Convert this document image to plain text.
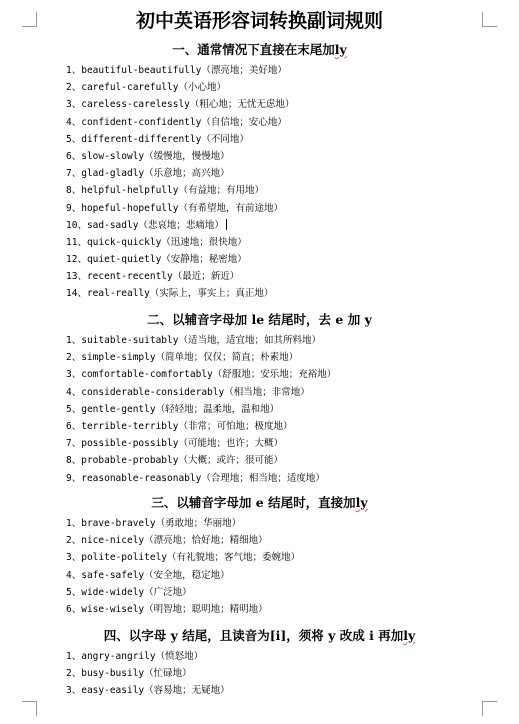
初中英语形容词转换副词规则
一、通常情况下直接在末尾加ly
1、beautiful-beautifully（漂亮地；美好地）
2、careful-carefully（小心地）
3、careless-carelessly（粗心地；无忧无虑地）
4、confident-confidently（自信地；安心地）
5、different-differently（不同地）
6、slow-slowly（缓慢地，慢慢地）
7、glad-gladly（乐意地；高兴地）
8、helpful-helpfully（有益地；有用地）
9、hopeful-hopefully（有希望地，有前途地）
10、sad-sadly（悲哀地；悲痛地）
11、quick-quickly（迅速地；很快地）
12、quiet-quietly（安静地；秘密地）
13、recent-recently（最近；新近）
14、real-really（实际上，事实上；真正地）
二、以辅音字母加 le 结尾时，去 e 加 y
1、suitable-suitably（适当地，适宜地；如其所料地）
2、simple-simply（简单地；仅仅；简直；朴素地）
3、comfortable-comfortably（舒服地；安乐地；充裕地）
4、considerable-considerably（相当地；非常地）
5、gentle-gently（轻轻地；温柔地，温和地）
6、terrible-terribly（非常；可怕地；极度地）
7、possible-possibly（可能地；也许；大概）
8、probable-probably（大概；或许；很可能）
9、reasonable-reasonably（合理地；相当地；适度地）
三、以辅音字母加 e 结尾时，直接加ly
1、brave-bravely（勇敢地；华丽地）
2、nice-nicely（漂亮地；恰好地；精细地）
3、polite-politely（有礼貌地；客气地；委婉地）
4、safe-safely（安全地，稳定地）
5、wide-widely（广泛地）
6、wise-wisely（明智地；聪明地；精明地）
四、以字母 y 结尾，且读音为[i]，须将 y 改成 i 再加ly
1、angry-angrily（愤怒地）
2、busy-busily（忙碌地）
3、easy-easily（容易地；无疑地）
